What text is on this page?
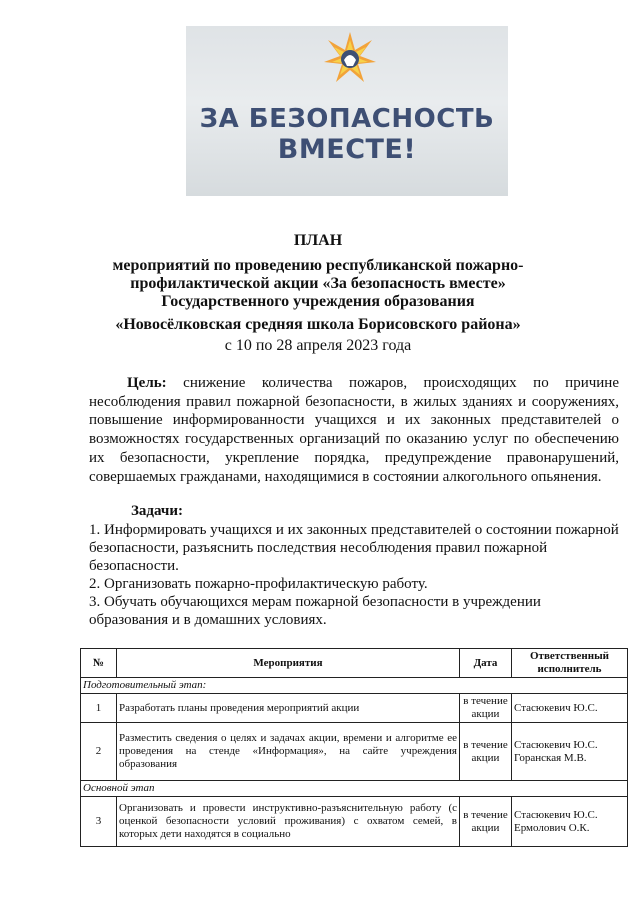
ЗА БЕЗОПАСНОСТЬ
ВМЕСТЕ!
ПЛАН
мероприятий по проведению республиканской пожарно-
профилактической акции «За безопасность вместе»
Государственного учреждения образования
«Новосёлковская средняя школа Борисовского района»
с 10 по 28 апреля 2023 года
Цель: снижение количества пожаров, происходящих по причине несоблюдения правил пожарной безопасности, в жилых зданиях и сооружениях, повышение информированности учащихся и их законных представителей о возможностях государственных организаций по оказанию услуг по обеспечению их безопасности, укрепление порядка, предупреждение правонарушений, совершаемых гражданами, находящимися в состоянии алкогольного опьянения.
Задачи:
1. Информировать учащихся и их законных представителей о состоянии пожарной безопасности, разъяснить последствия несоблюдения правил пожарной безопасности.
2. Организовать пожарно-профилактическую работу.
3. Обучать обучающихся мерам пожарной безопасности в учреждении образования и в домашних условиях.
№	Мероприятия	Дата	Ответственный исполнитель
Подготовительный этап:			
1	Разработать планы проведения мероприятий акции	в течение акции	Стасюкевич Ю.С.
2	Разместить сведения о целях и задачах акции, времени и алгоритме ее проведения на стенде «Информация», на сайте учреждения образования	в течение акции	Стасюкевич Ю.С.
Горанская М.В.

Основной этап			
3	Организовать и провести инструктивно-разъяснительную работу (с оценкой безопасности условий проживания) с охватом семей, в которых дети находятся в социально	в течение акции	Стасюкевич Ю.С.
Ермолович О.К.
